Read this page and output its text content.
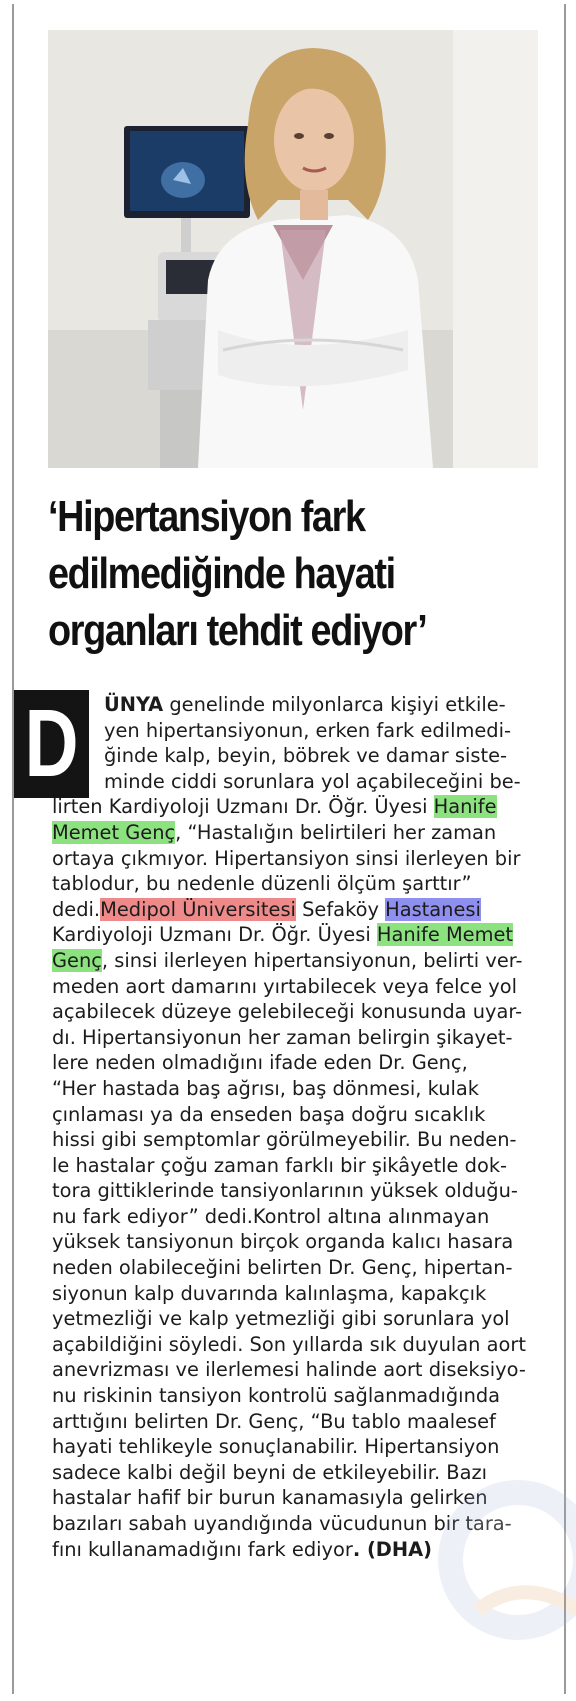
‘Hipertansiyon fark
edilmediğinde hayati
organları tehdit ediyor’
D	ÜNYA genelinde milyonlarca kişiyi etkile-
yen hipertansiyonun, erken fark edilmedi-
ğinde kalp, beyin, böbrek ve damar siste-
minde ciddi sorunlara yol açabileceğini be-
lirten Kardiyoloji Uzmanı Dr. Öğr. Üyesi Hanife
Memet Genç, “Hastalığın belirtileri her zaman
ortaya çıkmıyor. Hipertansiyon sinsi ilerleyen bir
tablodur, bu nedenle düzenli ölçüm şarttır”
dedi.Medipol Üniversitesi Sefaköy Hastanesi
Kardiyoloji Uzmanı Dr. Öğr. Üyesi Hanife Memet
Genç, sinsi ilerleyen hipertansiyonun, belirti ver-
meden aort damarını yırtabilecek veya felce yol
açabilecek düzeye gelebileceği konusunda uyar-
dı. Hipertansiyonun her zaman belirgin şikayet-
lere neden olmadığını ifade eden Dr. Genç,
“Her hastada baş ağrısı, baş dönmesi, kulak
çınlaması ya da enseden başa doğru sıcaklık
hissi gibi semptomlar görülmeyebilir. Bu neden-
le hastalar çoğu zaman farklı bir şikâyetle dok-
tora gittiklerinde tansiyonlarının yüksek olduğu-
nu fark ediyor” dedi.Kontrol altına alınmayan
yüksek tansiyonun birçok organda kalıcı hasara
neden olabileceğini belirten Dr. Genç, hipertan-
siyonun kalp duvarında kalınlaşma, kapakçık
yetmezliği ve kalp yetmezliği gibi sorunlara yol
açabildiğini söyledi. Son yıllarda sık duyulan aort
anevrizması ve ilerlemesi halinde aort diseksiyo-
nu riskinin tansiyon kontrolü sağlanmadığında
arttığını belirten Dr. Genç, “Bu tablo maalesef
hayati tehlikeyle sonuçlanabilir. Hipertansiyon
sadece kalbi değil beyni de etkileyebilir. Bazı
hastalar hafif bir burun kanamasıyla gelirken
bazıları sabah uyandığında vücudunun bir tara-
fını kullanamadığını fark ediyor. (DHA)
